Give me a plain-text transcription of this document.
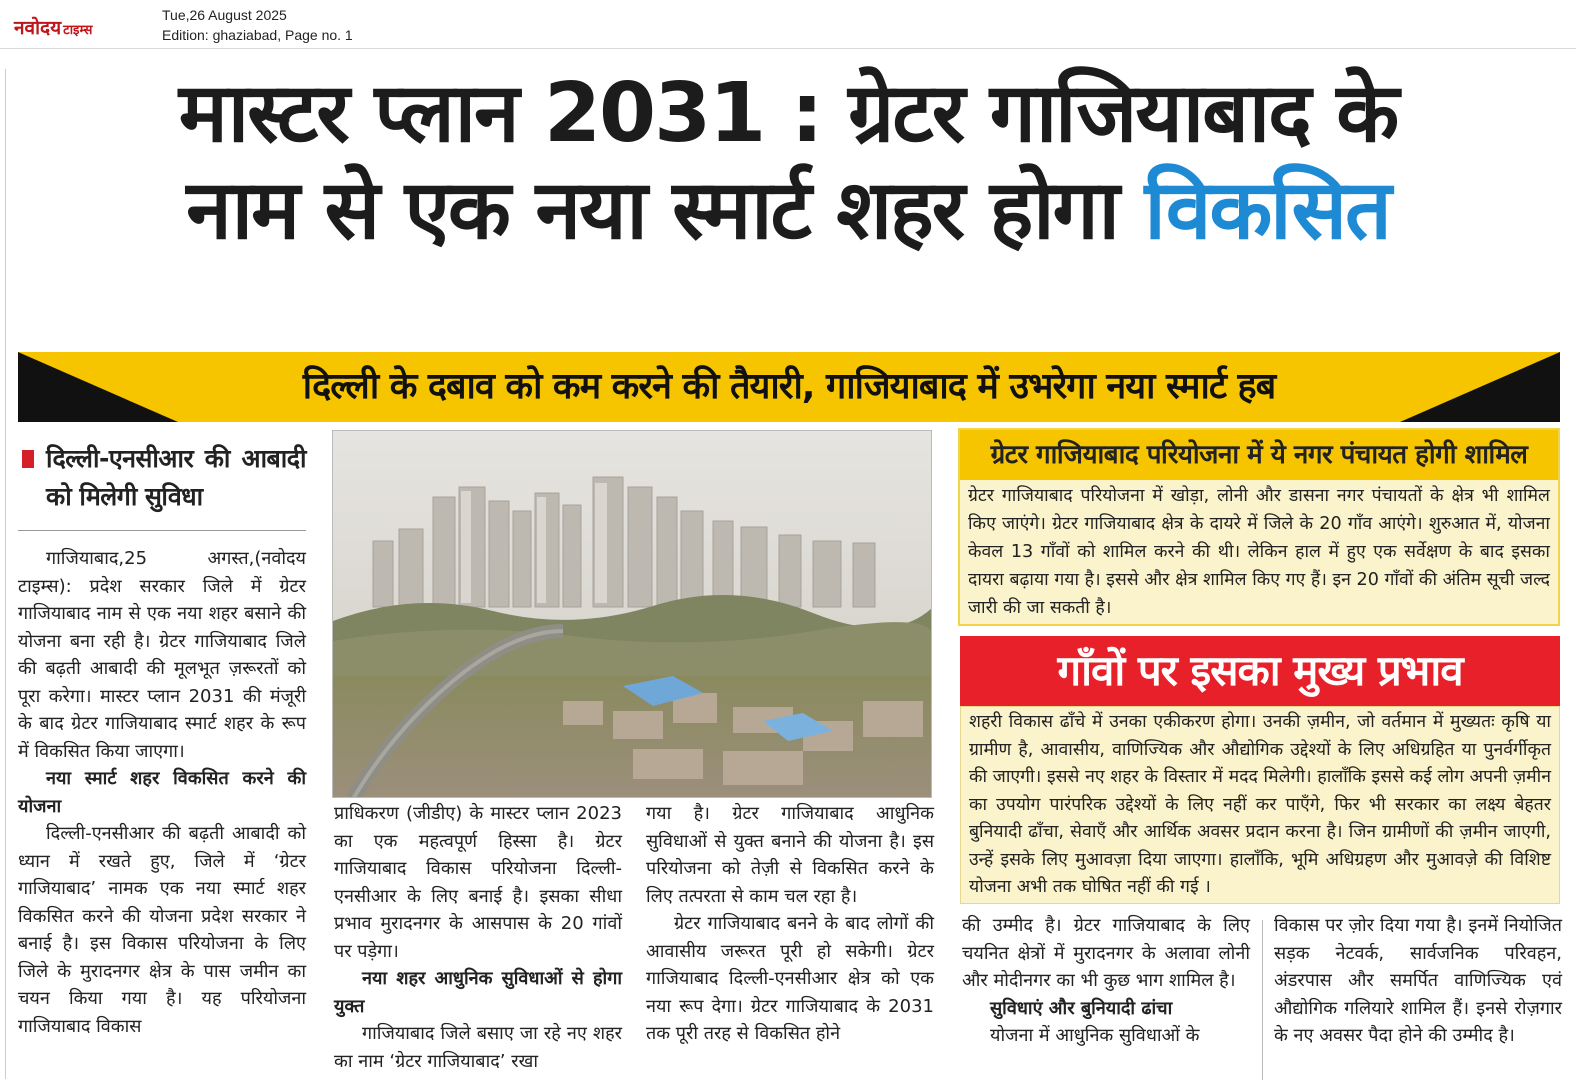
नवोदय टाइम्स
Tue,26 August 2025
Edition: ghaziabad, Page no. 1
मास्टर प्लान 2031 : ग्रेटर गाजियाबाद के
नाम से एक नया स्मार्ट शहर होगा विकसित
दिल्ली के दबाव को कम करने की तैयारी, गाजियाबाद में उभरेगा नया स्मार्ट हब
दिल्ली-एनसीआर की आबादी को मिलेगी सुविधा

गाजियाबाद,25 अगस्त,(नवोदय टाइम्स): प्रदेश सरकार जिले में ग्रेटर गाजियाबाद नाम से एक नया शहर बसाने की योजना बना रही है। ग्रेटर गाजियाबाद जिले की बढ़ती आबादी की मूलभूत ज़रूरतों को पूरा करेगा। मास्टर प्लान 2031 की मंजूरी के बाद ग्रेटर गाजियाबाद स्मार्ट शहर के रूप में विकसित किया जाएगा।

नया स्मार्ट शहर विकसित करने की योजना

दिल्ली-एनसीआर की बढ़ती आबादी को ध्यान में रखते हुए, जिले में ‘ग्रेटर गाजियाबाद’ नामक एक नया स्मार्ट शहर विकसित करने की योजना प्रदेश सरकार ने बनाई है। इस विकास परियोजना के लिए जिले के मुरादनगर क्षेत्र के पास जमीन का चयन किया गया है। यह परियोजना गाजियाबाद विकास

प्राधिकरण (जीडीए) के मास्टर प्लान 2023 का एक महत्वपूर्ण हिस्सा है। ग्रेटर गाजियाबाद विकास परियोजना दिल्ली-एनसीआर के लिए बनाई है। इसका सीधा प्रभाव मुरादनगर के आसपास के 20 गांवों पर पड़ेगा।

नया शहर आधुनिक सुविधाओं से होगा युक्त

गाजियाबाद जिले बसाए जा रहे नए शहर का नाम ‘ग्रेटर गाजियाबाद’ रखा

गया है। ग्रेटर गाजियाबाद आधुनिक सुविधाओं से युक्त बनाने की योजना है। इस परियोजना को तेज़ी से विकसित करने के लिए तत्परता से काम चल रहा है।

ग्रेटर गाजियाबाद बनने के बाद लोगों की आवासीय जरूरत पूरी हो सकेगी। ग्रेटर गाजियाबाद दिल्ली-एनसीआर क्षेत्र को एक नया रूप देगा। ग्रेटर गाजियाबाद के 2031 तक पूरी तरह से विकसित होने

ग्रेटर गाजियाबाद परियोजना में ये नगर पंचायत होगी शामिल
ग्रेटर गाजियाबाद परियोजना में खोड़ा, लोनी और डासना नगर पंचायतों के क्षेत्र भी शामिल किए जाएंगे। ग्रेटर गाजियाबाद क्षेत्र के दायरे में जिले के 20 गाँव आएंगे। शुरुआत में, योजना केवल 13 गाँवों को शामिल करने की थी। लेकिन हाल में हुए एक सर्वेक्षण के बाद इसका दायरा बढ़ाया गया है। इससे और क्षेत्र शामिल किए गए हैं। इन 20 गाँवों की अंतिम सूची जल्द जारी की जा सकती है।
गाँवों पर इसका मुख्य प्रभाव
शहरी विकास ढाँचे में उनका एकीकरण होगा। उनकी ज़मीन, जो वर्तमान में मुख्यतः कृषि या ग्रामीण है, आवासीय, वाणिज्यिक और औद्योगिक उद्देश्यों के लिए अधिग्रहित या पुनर्वर्गीकृत की जाएगी। इससे नए शहर के विस्तार में मदद मिलेगी। हालाँकि इससे कई लोग अपनी ज़मीन का उपयोग पारंपरिक उद्देश्यों के लिए नहीं कर पाएँगे, फिर भी सरकार का लक्ष्य बेहतर बुनियादी ढाँचा, सेवाएँ और आर्थिक अवसर प्रदान करना है। जिन ग्रामीणों की ज़मीन जाएगी, उन्हें इसके लिए मुआवज़ा दिया जाएगा। हालाँकि, भूमि अधिग्रहण और मुआवज़े की विशिष्ट योजना अभी तक घोषित नहीं की गई ।

की उम्मीद है। ग्रेटर गाजियाबाद के लिए चयनित क्षेत्रों में मुरादनगर के अलावा लोनी और मोदीनगर का भी कुछ भाग शामिल है।

सुविधाएं और बुनियादी ढांचा

योजना में आधुनिक सुविधाओं के

विकास पर ज़ोर दिया गया है। इनमें नियोजित सड़क नेटवर्क, सार्वजनिक परिवहन, अंडरपास और समर्पित वाणिज्यिक एवं औद्योगिक गलियारे शामिल हैं। इनसे रोज़गार के नए अवसर पैदा होने की उम्मीद है।
